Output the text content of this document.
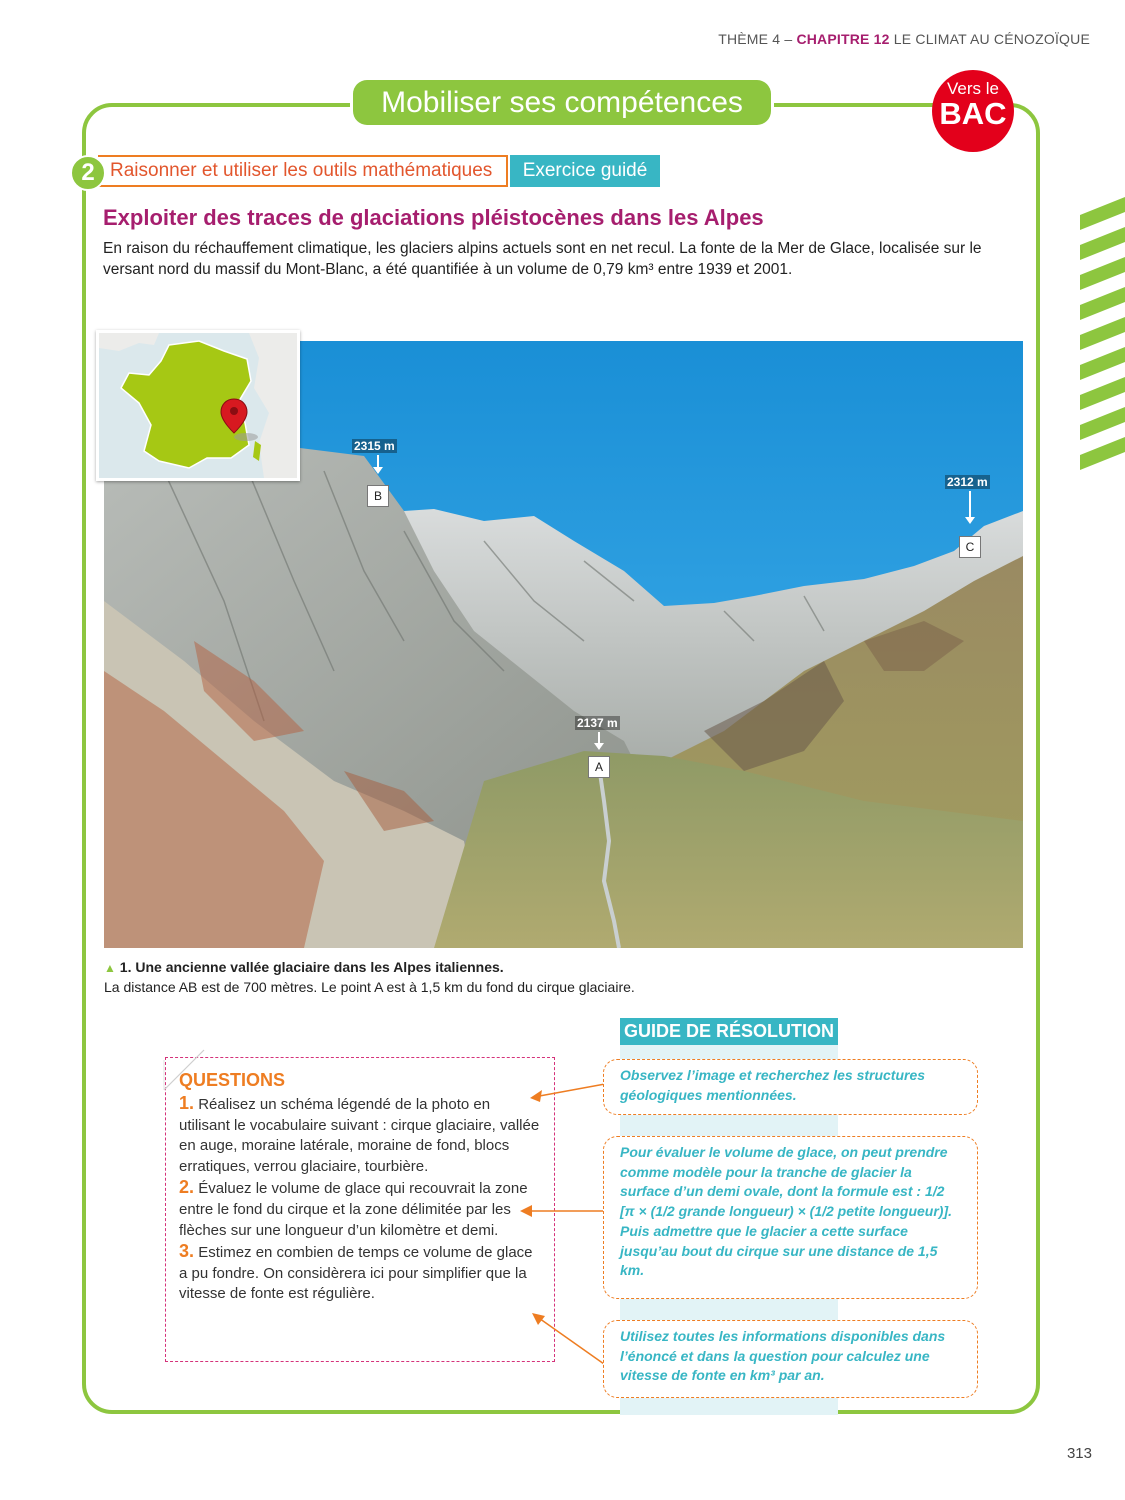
THÈME 4 – CHAPITRE 12 LE CLIMAT AU CÉNOZOÏQUE
Mobiliser ses compétences	Vers le
BAC
Raisonner et utiliser les outils mathématiques
2	Exercice guidé
Exploiter des traces de glaciations pléistocènes dans les Alpes
En raison du réchauffement climatique, les glaciers alpins actuels sont en net recul. La fonte de la Mer de Glace, localisée sur le versant nord du massif du Mont-Blanc, a été quantifiée à un volume de 0,79 km³ entre 1939 et 2001.
2315 m
B
2312 m
C
2137 m
A
▲ 1. Une ancienne vallée glaciaire dans les Alpes italiennes.
La distance AB est de 700 mètres. Le point A est à 1,5 km du fond du cirque glaciaire.
GUIDE DE RÉSOLUTION
QUESTIONS

1. Réalisez un schéma légendé de la photo en utilisant le vocabulaire suivant : cirque glaciaire, vallée en auge, moraine latérale, moraine de fond, blocs erratiques, verrou glaciaire, tourbière.

2. Évaluez le volume de glace qui recouvrait la zone entre le fond du cirque et la zone délimitée par les flèches sur une longueur d’un kilomètre et demi.

3. Estimez en combien de temps ce volume de glace a pu fondre. On considèrera ici pour simplifier que la vitesse de fonte est régulière.

Observez l’image et recherchez les structures géologiques mentionnées.
Pour évaluer le volume de glace, on peut prendre comme modèle pour la tranche de glacier la surface d’un demi ovale, dont la formule est : 1/2 [π × (1/2 grande longueur) × (1/2 petite longueur)]. Puis admettre que le glacier a cette surface jusqu’au bout du cirque sur une distance de 1,5 km.
Utilisez toutes les informations disponibles dans l’énoncé et dans la question pour calculez une vitesse de fonte en km³ par an.
313
